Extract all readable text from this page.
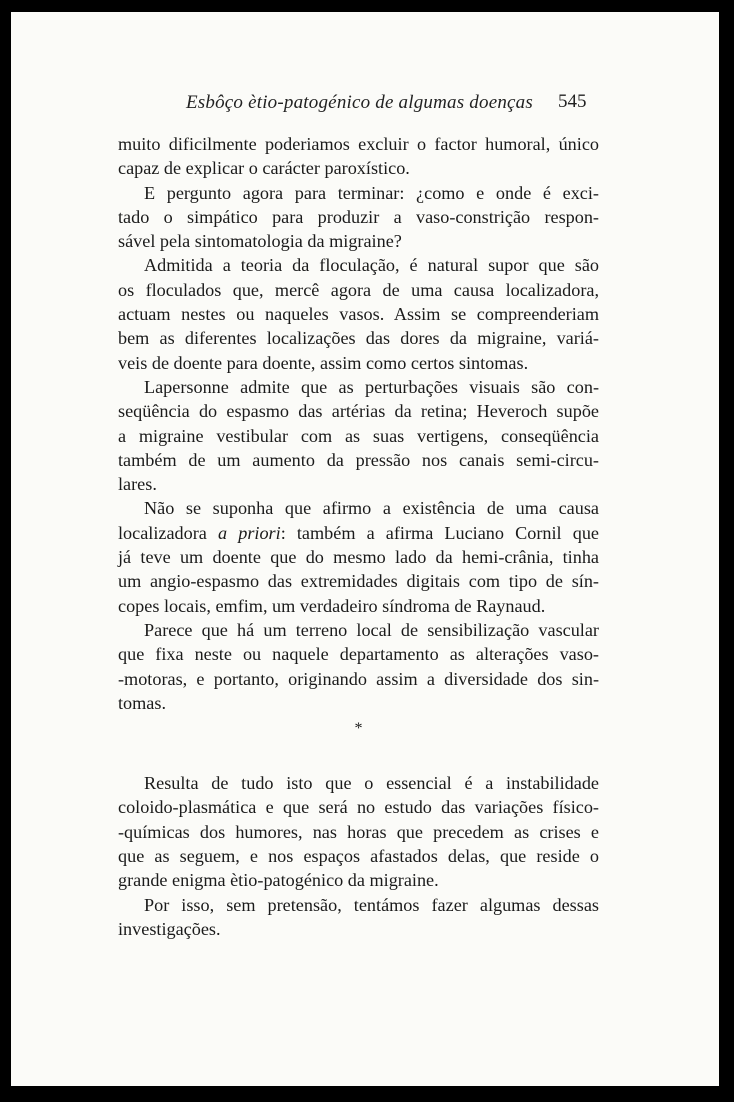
Esbôço ètio-patogénico de algumas doenças 545

muito dificilmente poderiamos excluir o factor humoral, único
capaz de explicar o carácter paroxístico.

E pergunto agora para terminar: ¿como e onde é exci-
tado o simpático para produzir a vaso-constrição respon-
sável pela sintomatologia da migraine?

Admitida a teoria da floculação, é natural supor que são
os floculados que, mercê agora de uma causa localizadora,
actuam nestes ou naqueles vasos. Assim se compreenderiam
bem as diferentes localizações das dores da migraine, variá-
veis de doente para doente, assim como certos sintomas.

Lapersonne admite que as perturbações visuais são con-
seqüência do espasmo das artérias da retina; Heveroch supõe
a migraine vestibular com as suas vertigens, conseqüência
também de um aumento da pressão nos canais semi-circu-
lares.

Não se suponha que afirmo a existência de uma causa
localizadora a priori: também a afirma Luciano Cornil que
já teve um doente que do mesmo lado da hemi-crânia, tinha
um angio-espasmo das extremidades digitais com tipo de sín-
copes locais, emfim, um verdadeiro síndroma de Raynaud.

Parece que há um terreno local de sensibilização vascular
que fixa neste ou naquele departamento as alterações vaso-
-motoras, e portanto, originando assim a diversidade dos sin-
tomas.

*

Resulta de tudo isto que o essencial é a instabilidade
coloido-plasmática e que será no estudo das variações físico-
-químicas dos humores, nas horas que precedem as crises e
que as seguem, e nos espaços afastados delas, que reside o
grande enigma ètio-patogénico da migraine.

Por isso, sem pretensão, tentámos fazer algumas dessas
investigações.
